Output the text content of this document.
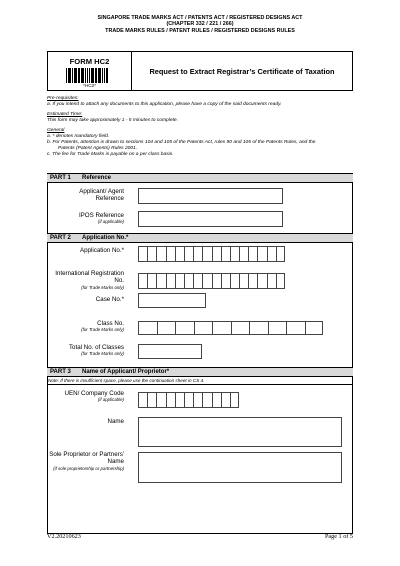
SINGAPORE TRADE MARKS ACT / PATENTS ACT / REGISTERED DESIGNS ACT
(CHAPTER 332 / 221 / 266)
TRADE MARKS RULES / PATENT RULES / REGISTERED DESIGNS RULES
FORM HC2
*HC2*
Request to Extract Registrar’s Certificate of Taxation
Pre-requisites:
a. If you intend to attach any documents to this application, please have a copy of the said documents ready.
Estimated Time:
This form may take approximately 1 - 5 minutes to complete.
General
a. * denotes mandatory field.
b. For Patents, attention is drawn to sections 104 and 105 of the Patents Act, rules 90 and 105 of the Patents Rules, and the
Patents (Patent Agents) Rules 2001.
c. The fee for Trade Marks is payable on a per class basis.
PART 1 Reference
Applicant/ Agent Reference
IPOS Reference
(if applicable)
PART 2 Application No.*
Application No.*
International Registration No.
(for Trade Marks only)
Case No.*
Class No.
(for Trade Marks only)
Total No. of Classes
(for Trade Marks only)
PART 3 Name of Applicant/ Proprietor*
Note: If there is insufficient space, please use the continuation sheet in CS 4.
UEN/ Company Code
(if applicable)
Name
Sole Proprietor or Partners' Name
(if sole proprietorship or partnership)
V2.20210623	Page 1 of 5
